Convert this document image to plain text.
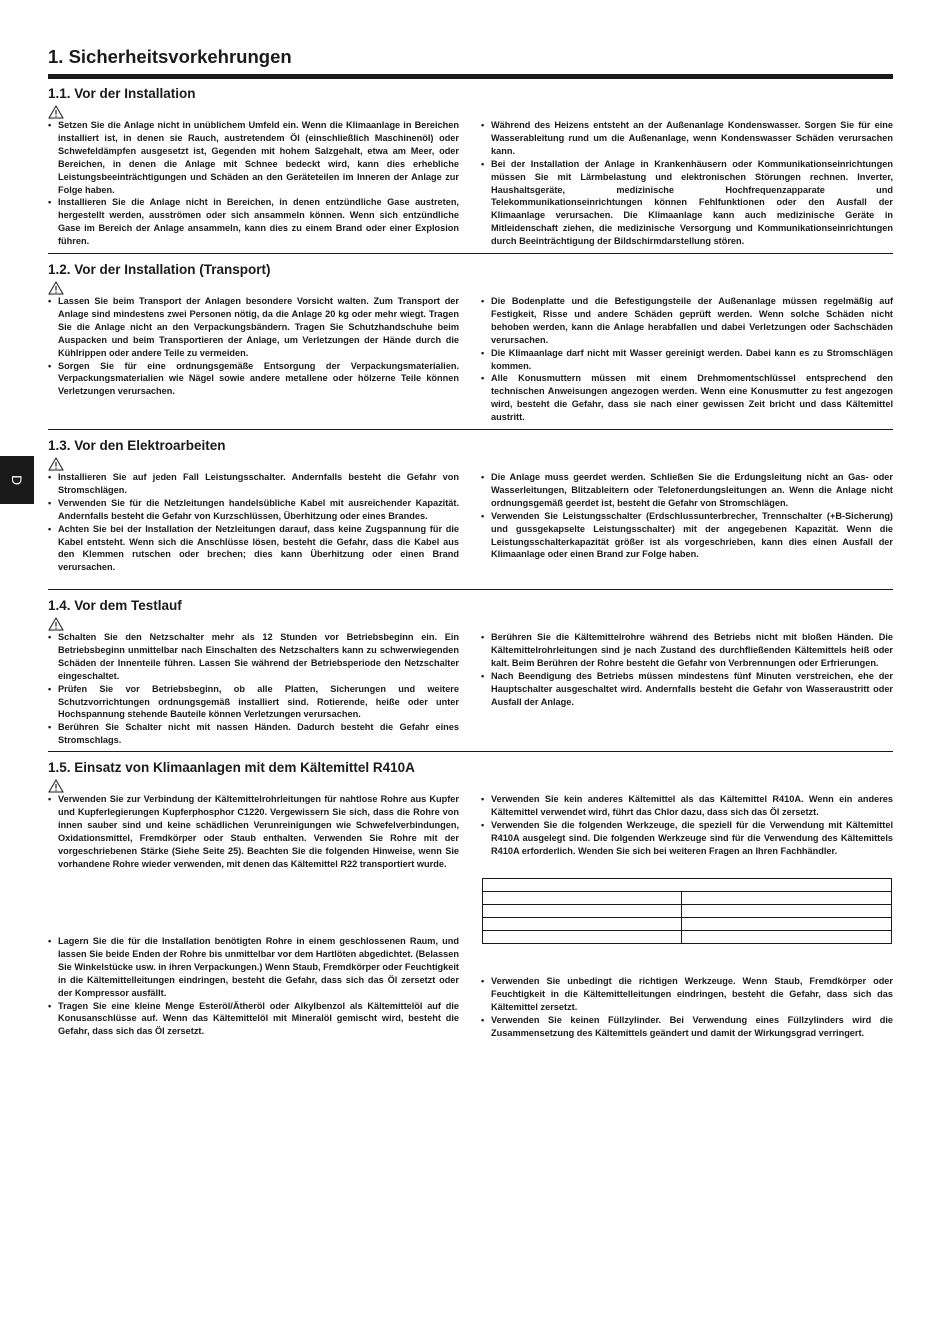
1. Sicherheitsvorkehrungen
D
1.1. Vor der Installation
• Setzen Sie die Anlage nicht in unüblichem Umfeld ein. Wenn die Klimaanlage in Bereichen installiert ist, in denen sie Rauch, austretendem Öl (einschließlich Maschinenöl) oder Schwefeldämpfen ausgesetzt ist, Gegenden mit hohem Salzgehalt, etwa am Meer, oder Bereichen, in denen die Anlage mit Schnee bedeckt wird, kann dies erhebliche Leistungsbeeinträchtigungen und Schäden an den Geräteteilen im Inneren der Anlage zur Folge haben.
• Installieren Sie die Anlage nicht in Bereichen, in denen entzündliche Gase austreten, hergestellt werden, ausströmen oder sich ansammeln können. Wenn sich entzündliche Gase im Bereich der Anlage ansammeln, kann dies zu einem Brand oder einer Explosion führen.
• Während des Heizens entsteht an der Außenanlage Kondenswasser. Sorgen Sie für eine Wasserableitung rund um die Außenanlage, wenn Kondenswasser Schäden verursachen kann.
• Bei der Installation der Anlage in Krankenhäusern oder Kommunikationseinrichtungen müssen Sie mit Lärmbelastung und elektronischen Störungen rechnen. Inverter, Haushaltsgeräte, medizinische Hochfrequenzapparate und Telekommunikationseinrichtungen können Fehlfunktionen oder den Ausfall der Klimaanlage verursachen. Die Klimaanlage kann auch medizinische Geräte in Mitleidenschaft ziehen, die medizinische Versorgung und Kommunikationseinrichtungen durch Beeinträchtigung der Bildschirmdarstellung stören.
1.2. Vor der Installation (Transport)
• Lassen Sie beim Transport der Anlagen besondere Vorsicht walten. Zum Transport der Anlage sind mindestens zwei Personen nötig, da die Anlage 20 kg oder mehr wiegt. Tragen Sie die Anlage nicht an den Verpackungsbändern. Tragen Sie Schutzhandschuhe beim Auspacken und beim Transportieren der Anlage, um Verletzungen der Hände durch die Kühlrippen oder andere Teile zu vermeiden.
• Sorgen Sie für eine ordnungsgemäße Entsorgung der Verpackungsmaterialien. Verpackungsmaterialien wie Nägel sowie andere metallene oder hölzerne Teile können Verletzungen verursachen.
• Die Bodenplatte und die Befestigungsteile der Außenanlage müssen regelmäßig auf Festigkeit, Risse und andere Schäden geprüft werden. Wenn solche Schäden nicht behoben werden, kann die Anlage herabfallen und dabei Verletzungen oder Sachschäden verursachen.
• Die Klimaanlage darf nicht mit Wasser gereinigt werden. Dabei kann es zu Stromschlägen kommen.
• Alle Konusmuttern müssen mit einem Drehmomentschlüssel entsprechend den technischen Anweisungen angezogen werden. Wenn eine Konusmutter zu fest angezogen wird, besteht die Gefahr, dass sie nach einer gewissen Zeit bricht und dass Kältemittel austritt.
1.3. Vor den Elektroarbeiten
• Installieren Sie auf jeden Fall Leistungsschalter. Andernfalls besteht die Gefahr von Stromschlägen.
• Verwenden Sie für die Netzleitungen handelsübliche Kabel mit ausreichender Kapazität. Andernfalls besteht die Gefahr von Kurzschlüssen, Überhitzung oder eines Brandes.
• Achten Sie bei der Installation der Netzleitungen darauf, dass keine Zugspannung für die Kabel entsteht. Wenn sich die Anschlüsse lösen, besteht die Gefahr, dass die Kabel aus den Klemmen rutschen oder brechen; dies kann Überhitzung oder einen Brand verursachen.
• Die Anlage muss geerdet werden. Schließen Sie die Erdungsleitung nicht an Gas- oder Wasserleitungen, Blitzableitern oder Telefonerdungsleitungen an. Wenn die Anlage nicht ordnungsgemäß geerdet ist, besteht die Gefahr von Stromschlägen.
• Verwenden Sie Leistungsschalter (Erdschlussunterbrecher, Trennschalter (+B-Sicherung) und gussgekapselte Leistungsschalter) mit der angegebenen Kapazität. Wenn die Leistungsschalterkapazität größer ist als vorgeschrieben, kann dies einen Ausfall der Klimaanlage oder einen Brand zur Folge haben.
1.4. Vor dem Testlauf
• Schalten Sie den Netzschalter mehr als 12 Stunden vor Betriebsbeginn ein. Ein Betriebsbeginn unmittelbar nach Einschalten des Netzschalters kann zu schwerwiegenden Schäden der Innenteile führen. Lassen Sie während der Betriebsperiode den Netzschalter eingeschaltet.
• Prüfen Sie vor Betriebsbeginn, ob alle Platten, Sicherungen und weitere Schutzvorrichtungen ordnungsgemäß installiert sind. Rotierende, heiße oder unter Hochspannung stehende Bauteile können Verletzungen verursachen.
• Berühren Sie Schalter nicht mit nassen Händen. Dadurch besteht die Gefahr eines Stromschlags.
• Berühren Sie die Kältemittelrohre während des Betriebs nicht mit bloßen Händen. Die Kältemittelrohrleitungen sind je nach Zustand des durchfließenden Kältemittels heiß oder kalt. Beim Berühren der Rohre besteht die Gefahr von Verbrennungen oder Erfrierungen.
• Nach Beendigung des Betriebs müssen mindestens fünf Minuten verstreichen, ehe der Hauptschalter ausgeschaltet wird. Andernfalls besteht die Gefahr von Wasseraustritt oder Ausfall der Anlage.
1.5. Einsatz von Klimaanlagen mit dem Kältemittel R410A
• Verwenden Sie zur Verbindung der Kältemittelrohrleitungen für nahtlose Rohre aus Kupfer und Kupferlegierungen Kupferphosphor C1220. Vergewissern Sie sich, dass die Rohre von innen sauber sind und keine schädlichen Verunreinigungen wie Schwefelverbindungen, Oxidationsmittel, Fremdkörper oder Staub enthalten. Verwenden Sie Rohre mit der vorgeschriebenen Stärke (Siehe Seite 25). Beachten Sie die folgenden Hinweise, wenn Sie vorhandene Rohre wieder verwenden, mit denen das Kältemittel R22 transportiert wurde.
• Verwenden Sie kein anderes Kältemittel als das Kältemittel R410A. Wenn ein anderes Kältemittel verwendet wird, führt das Chlor dazu, dass sich das Öl zersetzt.
• Verwenden Sie die folgenden Werkzeuge, die speziell für die Verwendung mit Kältemittel R410A ausgelegt sind. Die folgenden Werkzeuge sind für die Verwendung des Kältemittels R410A erforderlich. Wenden Sie sich bei weiteren Fragen an Ihren Fachhändler.
• Lagern Sie die für die Installation benötigten Rohre in einem geschlossenen Raum, und lassen Sie beide Enden der Rohre bis unmittelbar vor dem Hartlöten abgedichtet. (Belassen Sie Winkelstücke usw. in ihren Verpackungen.) Wenn Staub, Fremdkörper oder Feuchtigkeit in die Kältemittelleitungen eindringen, besteht die Gefahr, dass sich das Öl zersetzt oder der Kompressor ausfällt.
• Tragen Sie eine kleine Menge Esteröl/Ätheröl oder Alkylbenzol als Kältemittelöl auf die Konusanschlüsse auf. Wenn das Kältemittelöl mit Mineralöl gemischt wird, besteht die Gefahr, dass sich das Öl zersetzt.
• Verwenden Sie unbedingt die richtigen Werkzeuge. Wenn Staub, Fremdkörper oder Feuchtigkeit in die Kältemittelleitungen eindringen, besteht die Gefahr, dass sich das Kältemittel zersetzt.
• Verwenden Sie keinen Füllzylinder. Bei Verwendung eines Füllzylinders wird die Zusammensetzung des Kältemittels geändert und damit der Wirkungsgrad verringert.
